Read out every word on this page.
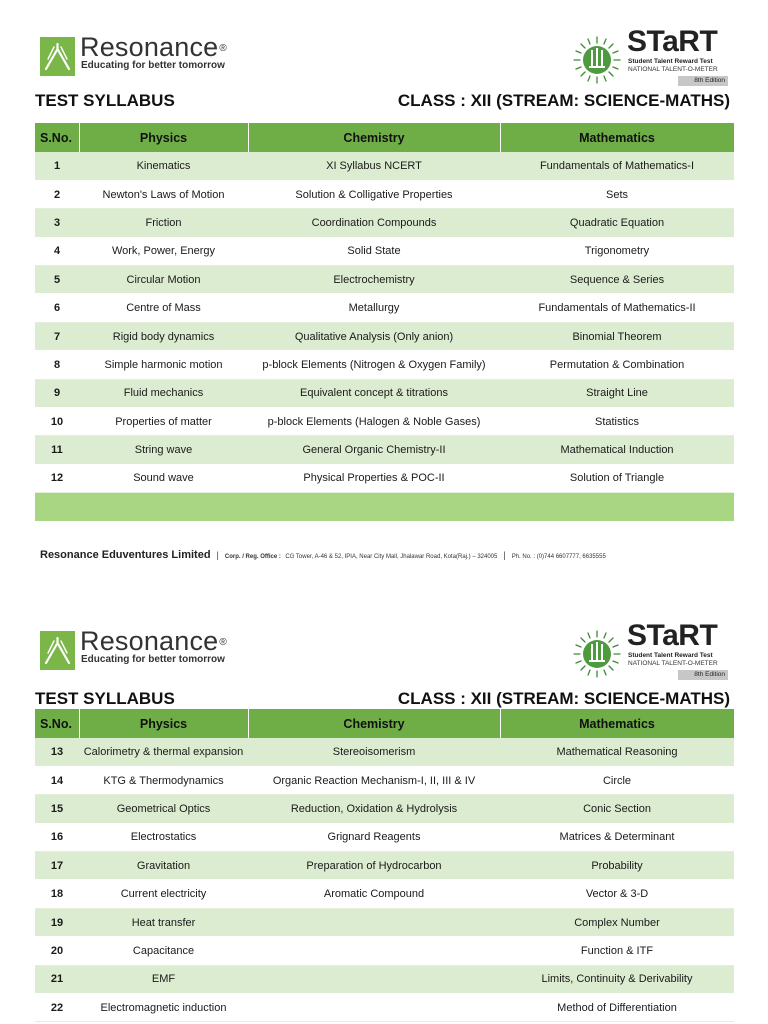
Resonance®
Educating for better tomorrow
STaRT
Student Talent Reward Test
NATIONAL TALENT-O-METER
8th Edition
TEST SYLLABUS	CLASS : XII (STREAM: SCIENCE-MATHS)
S.No.	Physics	Chemistry	Mathematics
1	Kinematics	XI Syllabus NCERT	Fundamentals of Mathematics-I
2	Newton's Laws of Motion	Solution & Colligative Properties	Sets
3	Friction	Coordination Compounds	Quadratic Equation
4	Work, Power, Energy	Solid State	Trigonometry
5	Circular Motion	Electrochemistry	Sequence & Series
6	Centre of Mass	Metallurgy	Fundamentals of Mathematics-II
7	Rigid body dynamics	Qualitative Analysis (Only anion)	Binomial Theorem
8	Simple harmonic motion	p-block Elements (Nitrogen & Oxygen Family)	Permutation & Combination
9	Fluid mechanics	Equivalent concept & titrations	Straight Line
10	Properties of matter	p-block Elements (Halogen & Noble Gases)	Statistics
11	String wave	General Organic Chemistry-II	Mathematical Induction
12	Sound wave	Physical Properties & POC-II	Solution of Triangle

Resonance Eduventures Limited | Corp. / Reg. Office : CG Tower, A-46 & 52, IPIA, Near City Mall, Jhalawar Road, Kota(Raj.) – 324005 | Ph. No. : (0)744 6607777, 6635555
Resonance®
Educating for better tomorrow
STaRT
Student Talent Reward Test
NATIONAL TALENT-O-METER
8th Edition
TEST SYLLABUS	CLASS : XII (STREAM: SCIENCE-MATHS)
S.No.	Physics	Chemistry	Mathematics
13	Calorimetry & thermal expansion	Stereoisomerism	Mathematical Reasoning
14	KTG & Thermodynamics	Organic Reaction Mechanism-I, II, III & IV	Circle
15	Geometrical Optics	Reduction, Oxidation & Hydrolysis	Conic Section
16	Electrostatics	Grignard Reagents	Matrices & Determinant
17	Gravitation	Preparation of Hydrocarbon	Probability
18	Current electricity	Aromatic Compound	Vector & 3-D
19	Heat transfer		Complex Number
20	Capacitance		Function & ITF
21	EMF		Limits, Continuity & Derivability
22	Electromagnetic induction		Method of Differentiation
